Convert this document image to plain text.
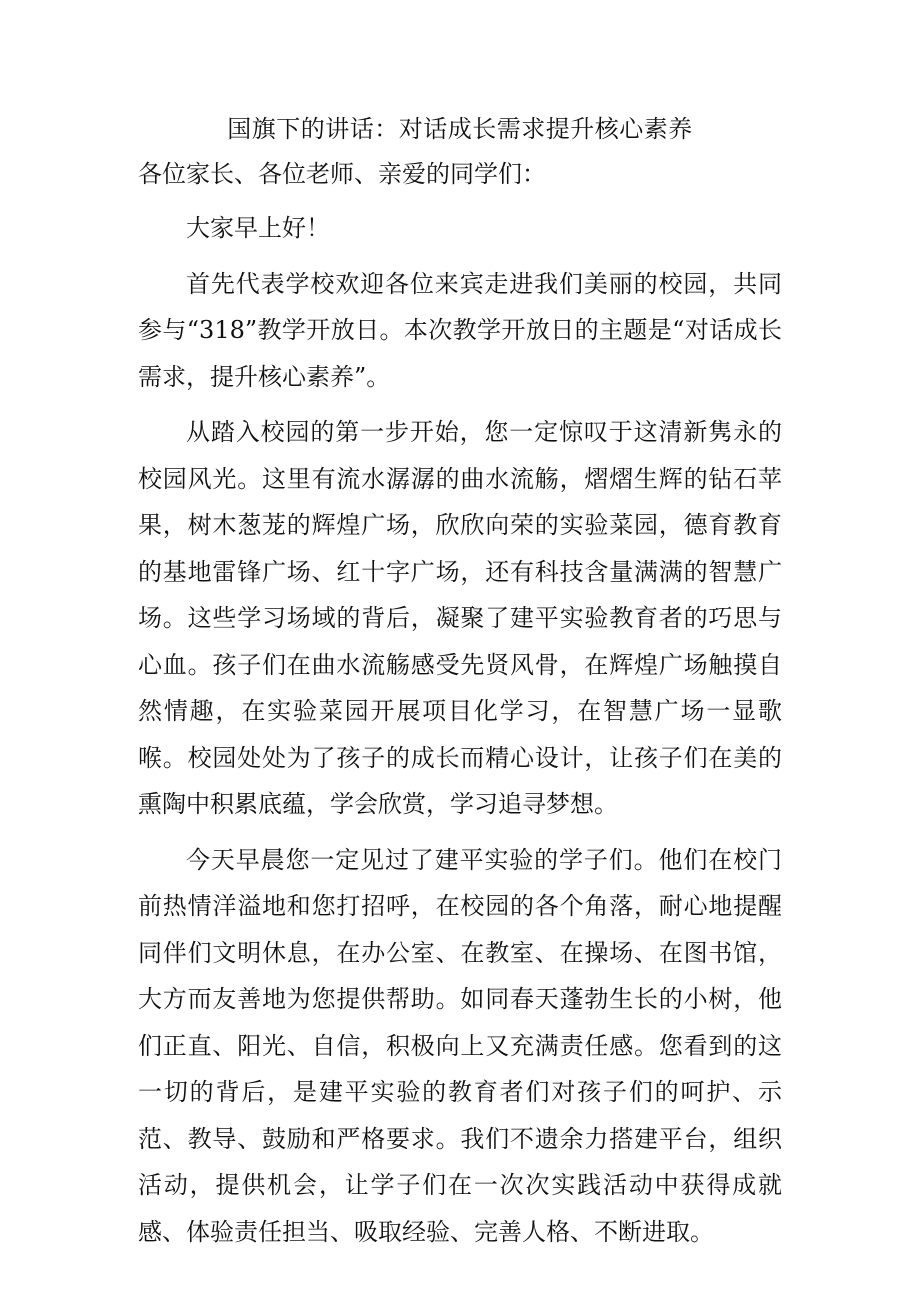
国旗下的讲话：对话成长需求提升核心素养

各位家长、各位老师、亲爱的同学们：

大家早上好！

首先代表学校欢迎各位来宾走进我们美丽的校园，共同参与“318”教学开放日。本次教学开放日的主题是“对话成长需求，提升核心素养”。

从踏入校园的第一步开始，您一定惊叹于这清新隽永的校园风光。这里有流水潺潺的曲水流觞，熠熠生辉的钻石苹果，树木葱茏的辉煌广场，欣欣向荣的实验菜园，德育教育的基地雷锋广场、红十字广场，还有科技含量满满的智慧广场。这些学习场域的背后，凝聚了建平实验教育者的巧思与心血。孩子们在曲水流觞感受先贤风骨，在辉煌广场触摸自然情趣，在实验菜园开展项目化学习，在智慧广场一显歌喉。校园处处为了孩子的成长而精心设计，让孩子们在美的熏陶中积累底蕴，学会欣赏，学习追寻梦想。

今天早晨您一定见过了建平实验的学子们。他们在校门前热情洋溢地和您打招呼，在校园的各个角落，耐心地提醒同伴们文明休息，在办公室、在教室、在操场、在图书馆，大方而友善地为您提供帮助。如同春天蓬勃生长的小树，他们正直、阳光、自信，积极向上又充满责任感。您看到的这一切的背后，是建平实验的教育者们对孩子们的呵护、示范、教导、鼓励和严格要求。我们不遗余力搭建平台，组织活动，提供机会，让学子们在一次次实践活动中获得成就感、体验责任担当、吸取经验、完善人格、不断进取。
